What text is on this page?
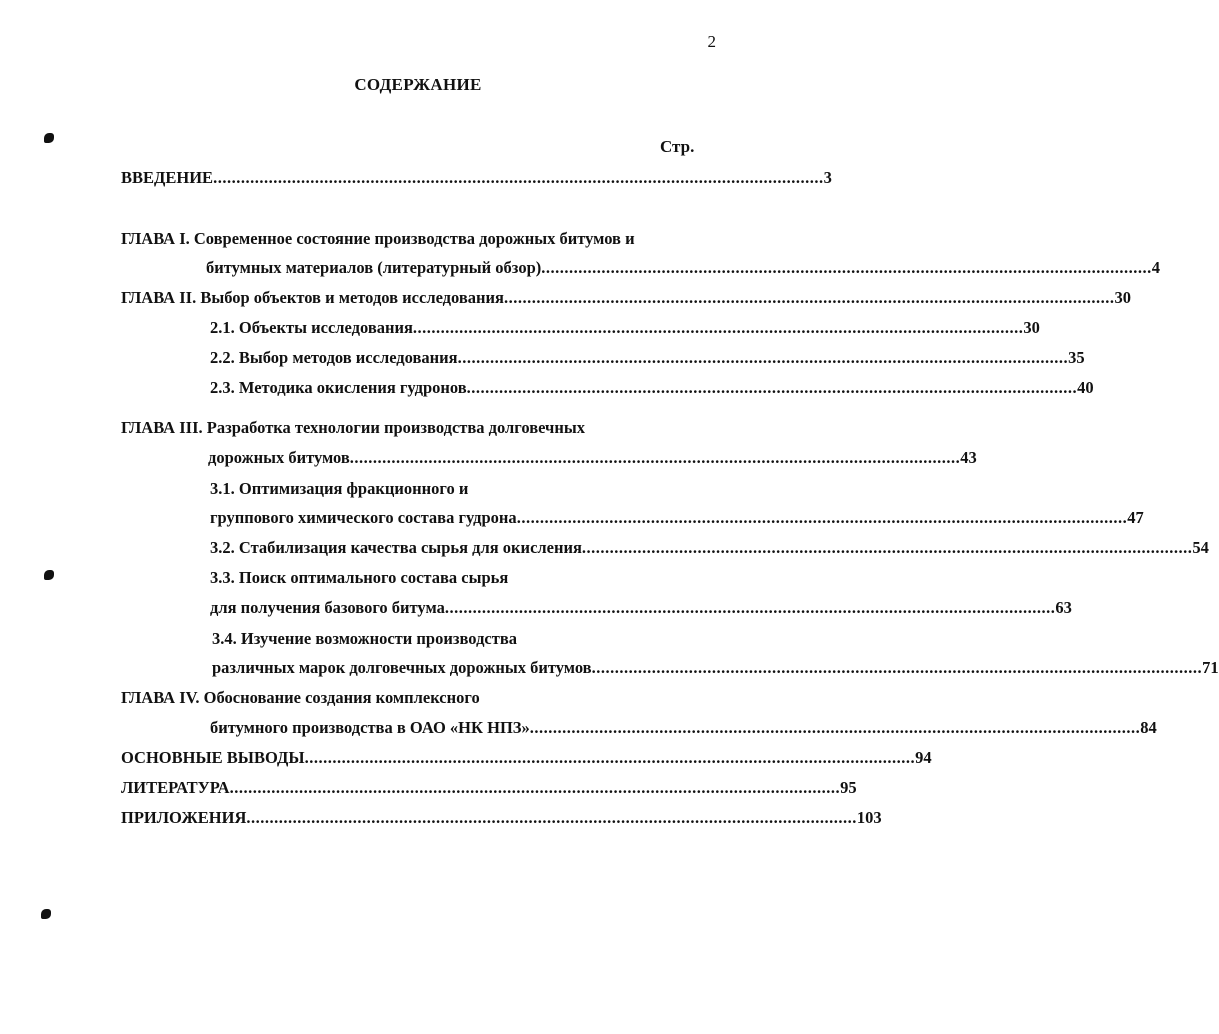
2
СОДЕРЖАНИЕ
Стр.
ВВЕДЕНИЕ .................................................................................................................................... 3
ГЛАВА I. Современное состояние производства дорожных битумов и
битумных материалов (литературный обзор) .................................................................................................................................... 4
ГЛАВА II. Выбор объектов и методов исследования .................................................................................................................................... 30
2.1. Объекты исследования .................................................................................................................................... 30
2.2. Выбор методов исследования .................................................................................................................................... 35
2.3. Методика окисления гудронов .................................................................................................................................... 40
ГЛАВА III. Разработка технологии производства долговечных
дорожных битумов .................................................................................................................................... 43
3.1. Оптимизация фракционного и
группового химического состава гудрона .................................................................................................................................... 47
3.2. Стабилизация качества сырья для окисления .................................................................................................................................... 54
3.3. Поиск оптимального состава сырья
для получения базового битума .................................................................................................................................... 63
3.4. Изучение возможности производства
различных марок долговечных дорожных битумов .................................................................................................................................... 71
ГЛАВА IV. Обоснование создания комплексного
битумного производства в ОАО «НК НПЗ» .................................................................................................................................... 84
ОСНОВНЫЕ ВЫВОДЫ .................................................................................................................................... 94
ЛИТЕРАТУРА .................................................................................................................................... 95
ПРИЛОЖЕНИЯ .................................................................................................................................... 103
